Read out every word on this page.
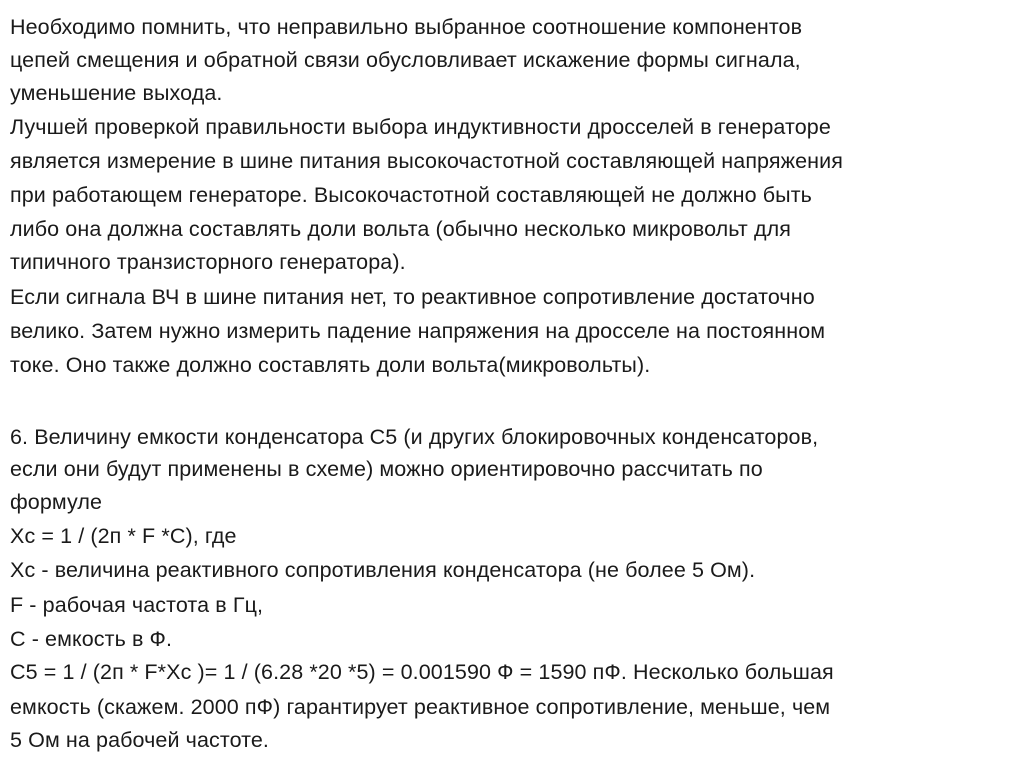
Необходимо помнить, что неправильно выбранное соотношение компонентов
цепей смещения и обратной связи обусловливает искажение формы сигнала,
уменьшение выхода.
Лучшей проверкой правильности выбора индуктивности дросселей в генераторе
является измерение в шине питания высокочастотной составляющей напряжения
при работающем генераторе. Высокочастотной составляющей не должно быть
либо она должна составлять доли вольта (обычно несколько микровольт для
типичного транзисторного генератора).
Если сигнала ВЧ в шине питания нет, то реактивное сопротивление достаточно
велико. Затем нужно измерить падение напряжения на дросселе на постоянном
токе. Оно также должно составлять доли вольта(микровольты).
6. Величину емкости конденсатора С5 (и других блокировочных конденсаторов,
если они будут применены в схеме) можно ориентировочно рассчитать по
формуле
Хс = 1 / (2п * F *С), где
Хс - величина реактивного сопротивления конденсатора (не более 5 Ом).
F - рабочая частота в Гц,
С - емкость в Ф.
С5 = 1 / (2п * F*Xc )= 1 / (6.28 *20 *5) = 0.001590 Ф = 1590 пФ. Несколько большая
емкость (скажем. 2000 пФ) гарантирует реактивное сопротивление, меньше, чем
5 Ом на рабочей частоте.
